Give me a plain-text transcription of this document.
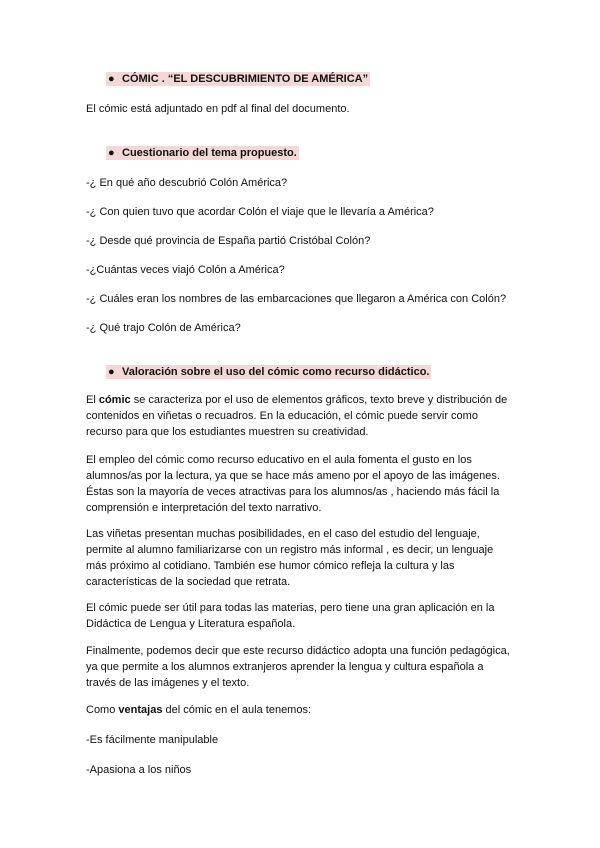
● CÓMIC . “EL DESCUBRIMIENTO DE AMÉRICA”
El cómic está adjuntado en pdf al final del documento.
● Cuestionario del tema propuesto.
-¿ En qué año descubrió Colón América?
-¿ Con quien tuvo que acordar Colón el viaje que le llevaría a América?
-¿ Desde qué provincia de España partió Cristóbal Colón?
-¿Cuántas veces viajó Colón a América?
-¿ Cuáles eran los nombres de las embarcaciones que llegaron a América con Colón?
-¿ Qué trajo Colón de América?
● Valoración sobre el uso del cómic como recurso didáctico.
El cómic se caracteriza por el uso de elementos gráficos, texto breve y distribución de contenidos en viñetas o recuadros. En la educación, el cómic puede servir como recurso para que los estudiantes muestren su creatividad.
El empleo del cómic como recurso educativo en el aula fomenta el gusto en los alumnos/as por la lectura, ya que se hace más ameno por el apoyo de las imágenes. Éstas son la mayoría de veces atractivas para los alumnos/as , haciendo más fácil la comprensión e interpretación del texto narrativo.
Las viñetas presentan muchas posibilidades, en el caso del estudio del lenguaje, permite al alumno familiarizarse con un registro más informal , es decir, un lenguaje más próximo al cotidiano. También ese humor cómico refleja la cultura y las características de la sociedad que retrata.
El cómic puede ser útil para todas las materias, pero tiene una gran aplicación en la Didáctica de Lengua y Literatura española.
Finalmente, podemos decir que este recurso didáctico adopta una función pedagógica, ya que permite a los alumnos extranjeros aprender la lengua y cultura española a través de las imágenes y el texto.
Como ventajas del cómic en el aula tenemos:
-Es fácilmente manipulable
-Apasiona a los niños
